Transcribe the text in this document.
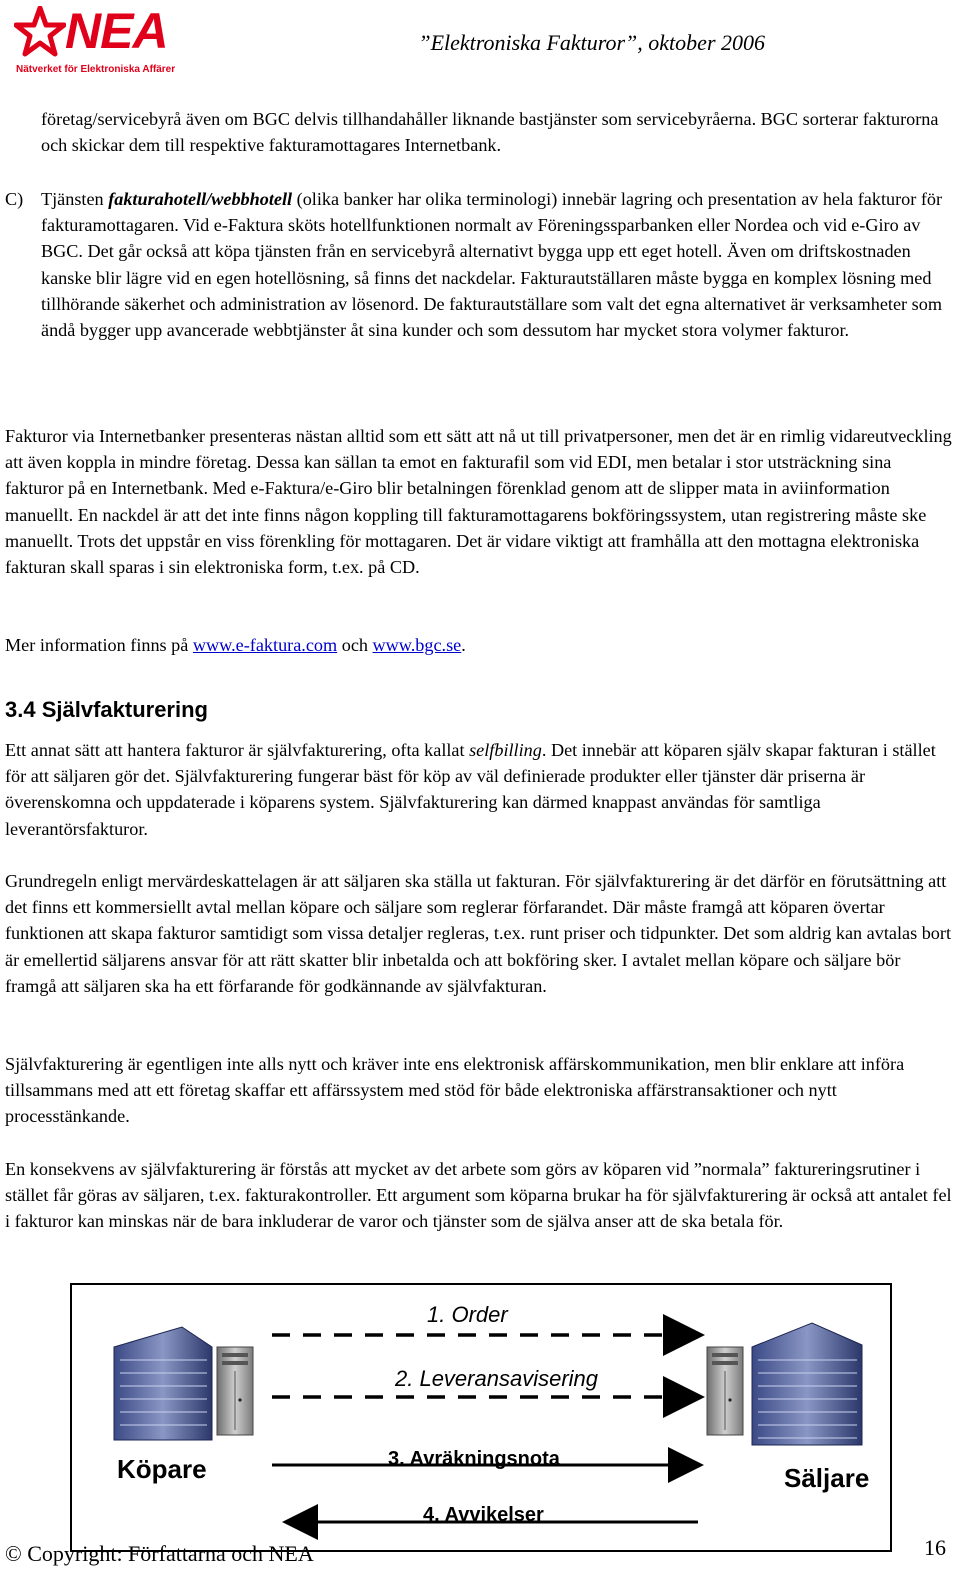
NEA
Nätverket för Elektroniska Affärer
”Elektroniska Fakturor”, oktober 2006

företag/servicebyrå även om BGC delvis tillhandahåller liknande bastjänster som servicebyråerna. BGC sorterar fakturorna och skickar dem till respektive fakturamottagares Internetbank.

C) Tjänsten fakturahotell/webbhotell (olika banker har olika terminologi) innebär lagring och presentation av hela fakturor för fakturamottagaren. Vid e-Faktura sköts hotellfunktionen normalt av Föreningssparbanken eller Nordea och vid e-Giro av BGC. Det går också att köpa tjänsten från en servicebyrå alternativt bygga upp ett eget hotell. Även om driftskostnaden kanske blir lägre vid en egen hotellösning, så finns det nackdelar. Fakturautställaren måste bygga en komplex lösning med tillhörande säkerhet och administration av lösenord. De fakturautställare som valt det egna alternativet är verksamheter som ändå bygger upp avancerade webbtjänster åt sina kunder och som dessutom har mycket stora volymer fakturor.

Fakturor via Internetbanker presenteras nästan alltid som ett sätt att nå ut till privatpersoner, men det är en rimlig vidareutveckling att även koppla in mindre företag. Dessa kan sällan ta emot en fakturafil som vid EDI, men betalar i stor utsträckning sina fakturor på en Internetbank. Med e-Faktura/e-Giro blir betalningen förenklad genom att de slipper mata in aviinformation manuellt. En nackdel är att det inte finns någon koppling till fakturamottagarens bokföringssystem, utan registrering måste ske manuellt. Trots det uppstår en viss förenkling för mottagaren. Det är vidare viktigt att framhålla att den mottagna elektroniska fakturan skall sparas i sin elektroniska form, t.ex. på CD.

Mer information finns på www.e-faktura.com och www.bgc.se.

3.4 Självfakturering

Ett annat sätt att hantera fakturor är självfakturering, ofta kallat selfbilling. Det innebär att köparen själv skapar fakturan i stället för att säljaren gör det. Självfakturering fungerar bäst för köp av väl definierade produkter eller tjänster där priserna är överenskomna och uppdaterade i köparens system. Självfakturering kan därmed knappast användas för samtliga leverantörsfakturor.

Grundregeln enligt mervärdeskattelagen är att säljaren ska ställa ut fakturan. För självfakturering är det därför en förutsättning att det finns ett kommersiellt avtal mellan köpare och säljare som reglerar förfarandet. Där måste framgå att köparen övertar funktionen att skapa fakturor samtidigt som vissa detaljer regleras, t.ex. runt priser och tidpunkter. Det som aldrig kan avtalas bort är emellertid säljarens ansvar för att rätt skatter blir inbetalda och att bokföring sker. I avtalet mellan köpare och säljare bör framgå att säljaren ska ha ett förfarande för godkännande av självfakturan.

Självfakturering är egentligen inte alls nytt och kräver inte ens elektronisk affärskommunikation, men blir enklare att införa tillsammans med att ett företag skaffar ett affärssystem med stöd för både elektroniska affärstransaktioner och nytt processtänkande.

En konsekvens av självfakturering är förstås att mycket av det arbete som görs av köparen vid ”normala” faktureringsrutiner i stället får göras av säljaren, t.ex. fakturakontroller. Ett argument som köparna brukar ha för självfakturering är också att antalet fel i fakturor kan minskas när de bara inkluderar de varor och tjänster som de själva anser att de ska betala för.

1. Order
2. Leveransavisering
3. Avräkningsnota
4. Avvikelser
Köpare	Säljare
© Copyright: Författarna och NEA	16
